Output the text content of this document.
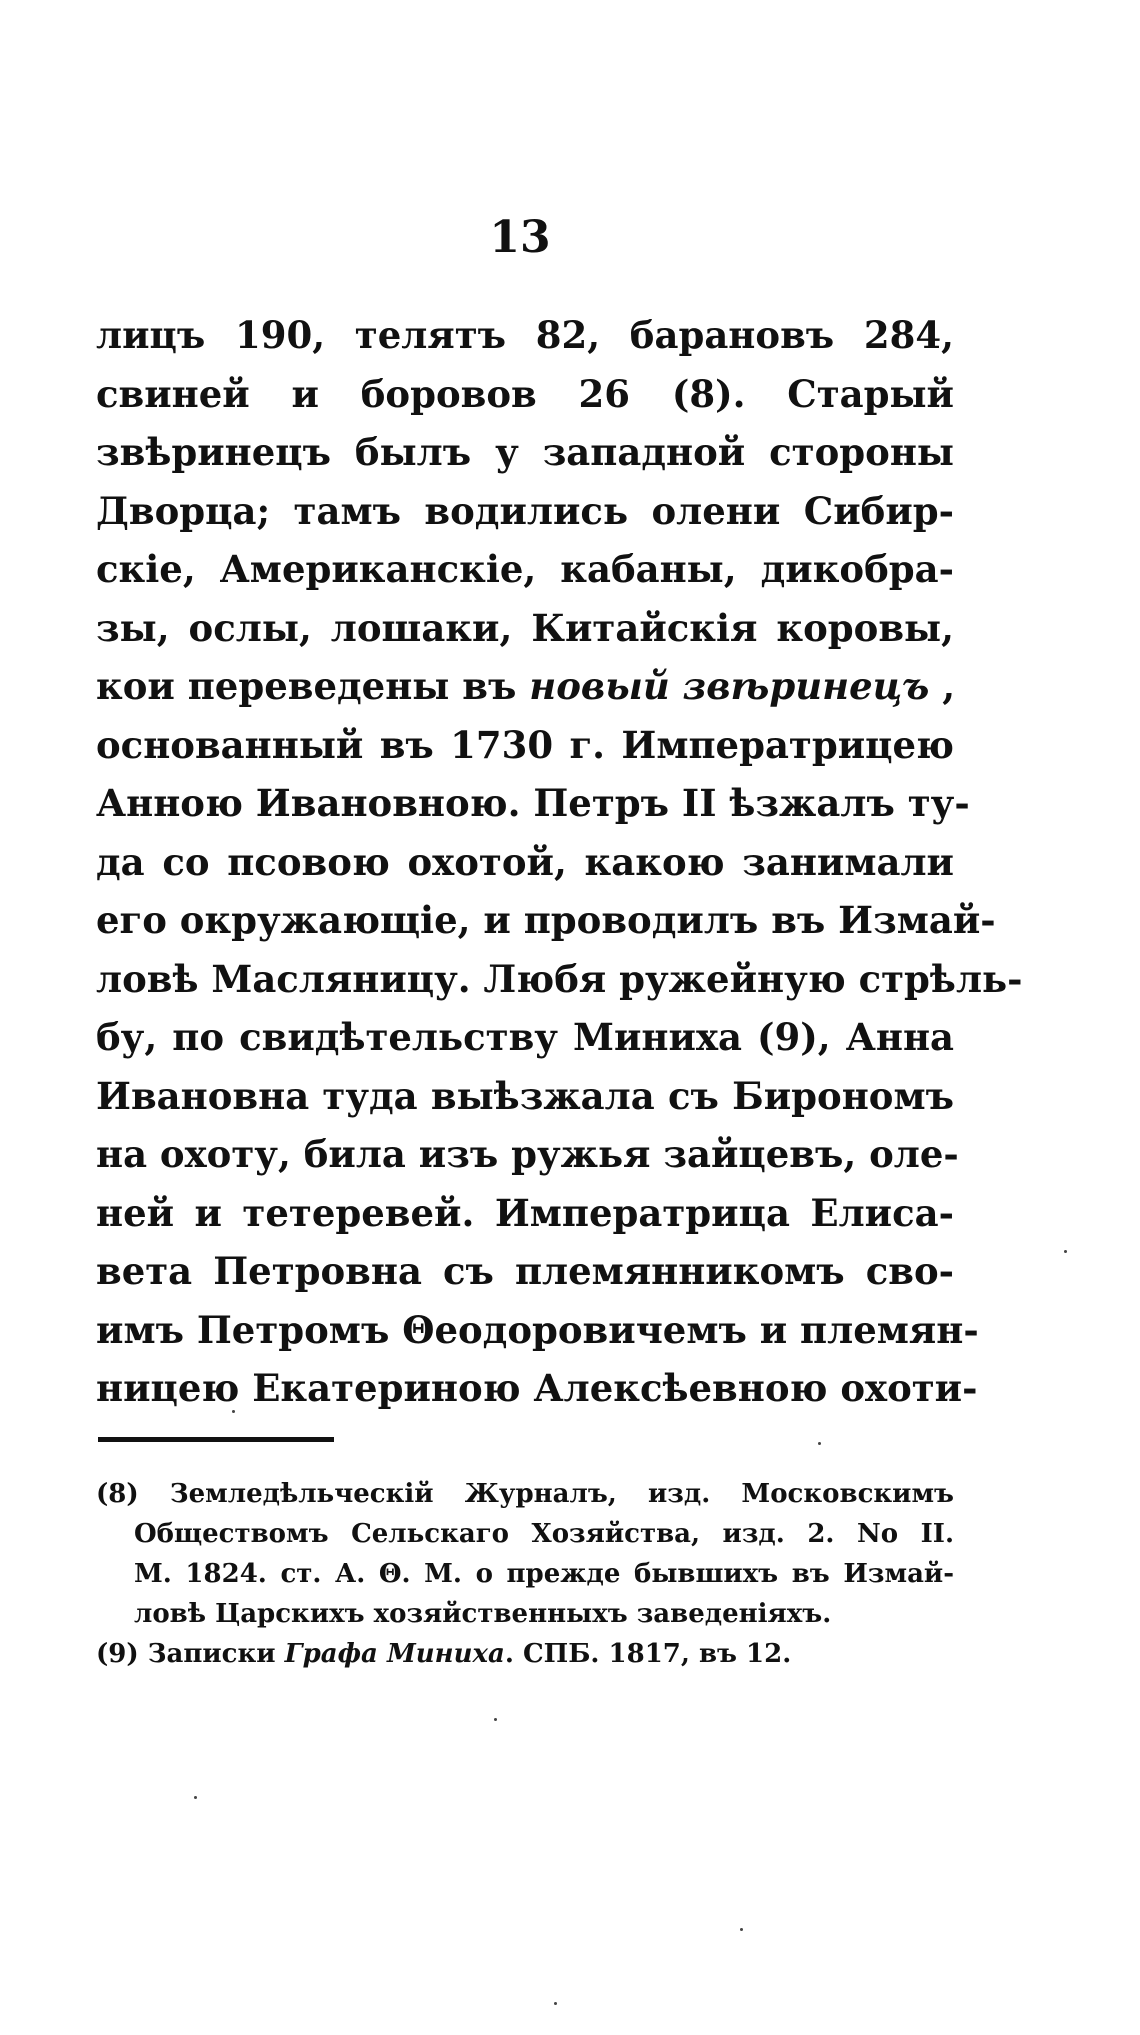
13
лицъ 190, телятъ 82, барановъ 284,
свиней и боровов 26 (8). Старый
звѣринецъ былъ у западной стороны
Дворца; тамъ водились олени Сибир-
скіе, Американскіе, кабаны, дикобра-
зы, ослы, лошаки, Китайскія коровы,
кои переведены въ новый звѣринецъ ,
основанный въ 1730 г. Императрицею
Анною Ивановною. Петръ II ѣзжалъ ту-
да со псовою охотой, какою занимали
его окружающіе, и проводилъ въ Измай-
ловѣ Масляницу. Любя ружейную стрѣль-
бу, по свидѣтельству Миниха (9), Анна
Ивановна туда выѣзжала съ Бирономъ
на охоту, била изъ ружья зайцевъ, оле-
ней и тетеревей. Императрица Елиса-
вета Петровна съ племянникомъ сво-
имъ Петромъ Θеодоровичемъ и племян-
ницею Екатериною Алексѣевною охоти-
(8) Земледѣльческій Журналъ, изд. Московскимъ
Обществомъ Сельскаго Хозяйства, изд. 2. No II.
М. 1824. ст. А. Θ. М. о прежде бывшихъ въ Измай-
ловѣ Царскихъ хозяйственныхъ заведеніяхъ.
(9) Записки Графа Миниха. СПБ. 1817, въ 12.
